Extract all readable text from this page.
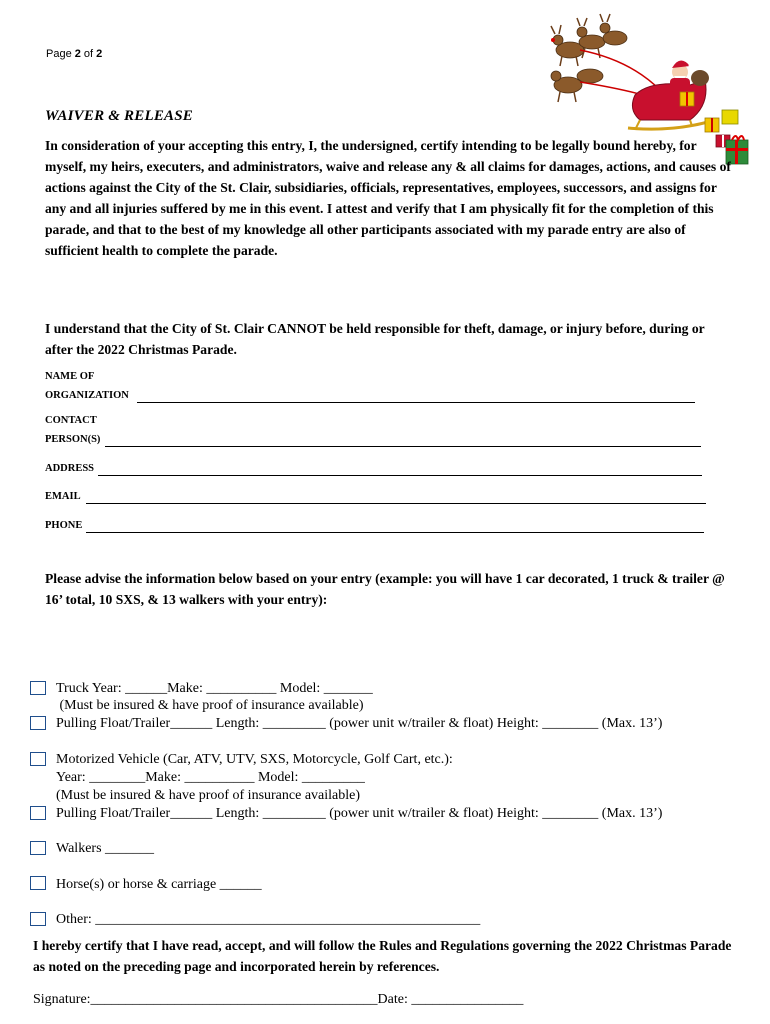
Page 2 of 2
WAIVER & RELEASE
In consideration of your accepting this entry, I, the undersigned, certify intending to be legally bound hereby, for myself, my heirs, executers, and administrators, waive and release any & all claims for damages, actions, and causes of actions against the City of the St. Clair, subsidiaries, officials, representatives, employees, successors, and assigns for any and all injuries suffered by me in this event. I attest and verify that I am physically fit for the completion of this parade, and that to the best of my knowledge all other participants associated with my parade entry are also of sufficient health to complete the parade.
I understand that the City of St. Clair CANNOT be held responsible for theft, damage, or injury before, during or after the 2022 Christmas Parade.
NAME OF
ORGANIZATION
CONTACT
PERSON(S)
ADDRESS
EMAIL
PHONE
Please advise the information below based on your entry (example: you will have 1 car decorated, 1 truck & trailer @ 16’ total, 10 SXS, & 13 walkers with your entry):
Truck Year: ______Make: __________ Model: _______
(Must be insured & have proof of insurance available)
Pulling Float/Trailer______ Length: _________ (power unit w/trailer & float) Height: ________ (Max. 13’)
Motorized Vehicle (Car, ATV, UTV, SXS, Motorcycle, Golf Cart, etc.):
Year: ________Make: __________ Model: _________
(Must be insured & have proof of insurance available)
Pulling Float/Trailer______ Length: _________ (power unit w/trailer & float) Height: ________ (Max. 13’)
Walkers _______
Horse(s) or horse & carriage ______
Other: _______________________________________________________
I hereby certify that I have read, accept, and will follow the Rules and Regulations governing the 2022 Christmas Parade as noted on the preceding page and incorporated herein by references.
Signature:_________________________________________Date: ________________
